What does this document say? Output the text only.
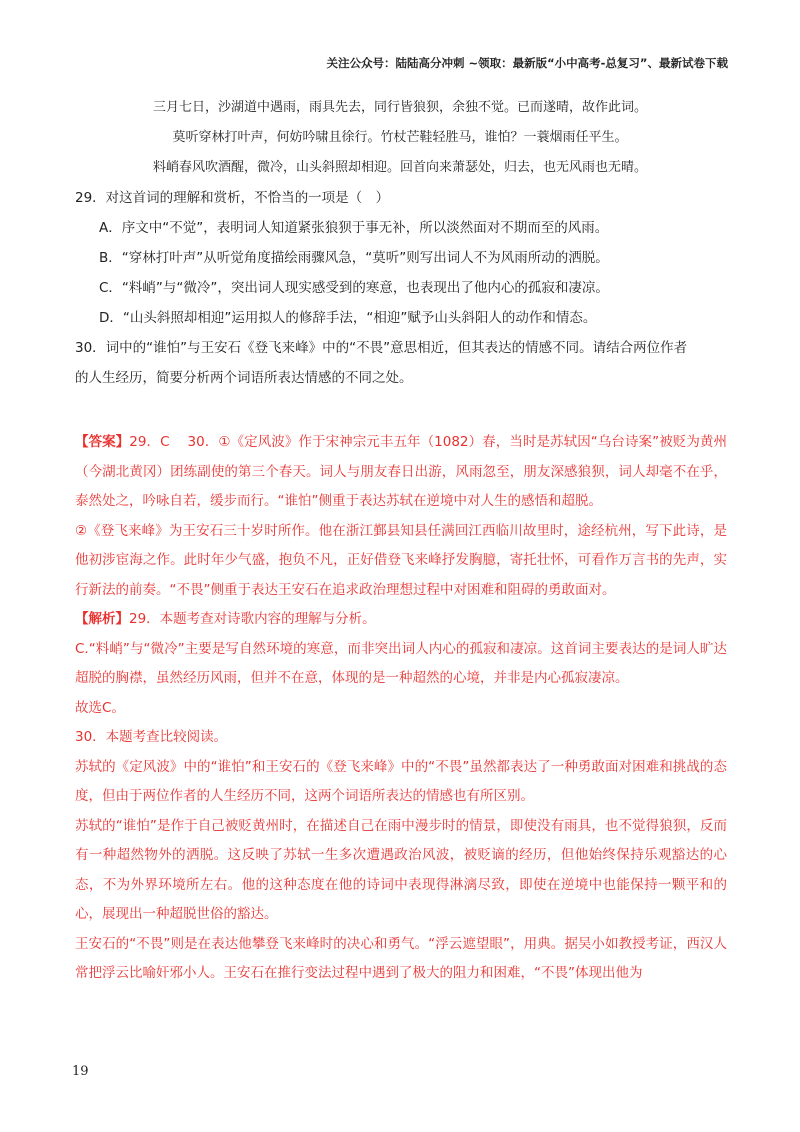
关注公众号：陆陆高分冲刺 ~领取：最新版“小中高考-总复习”、最新试卷下载

三月七日，沙湖道中遇雨，雨具先去，同行皆狼狈，余独不觉。已而遂晴，故作此词。

莫听穿林打叶声，何妨吟啸且徐行。竹杖芒鞋轻胜马，谁怕？一蓑烟雨任平生。

料峭春风吹酒醒，微冷，山头斜照却相迎。回首向来萧瑟处，归去，也无风雨也无晴。

29．对这首词的理解和赏析，• • • 不恰当的一项是（　）

A．序文中“不觉”，表明词人知道紧张狼狈于事无补，所以淡然面对不期而至的风雨。

B．“穿林打叶声”从听觉角度描绘雨骤风急，“莫听”则写出词人不为风雨所动的洒脱。

C．“料峭”与“微冷”，突出词人现实感受到的寒意，也表现出了他内心的孤寂和凄凉。

D．“山头斜照却相迎”运用拟人的修辞手法，“相迎”赋予山头斜阳人的动作和情态。

30．词中的“谁怕”与王安石《登飞来峰》中的“不畏”意思相近，但其表达的情感不同。请结合两位作者

的人生经历，简要分析两个词语所表达情感的不同之处。

【答案】29．C　 30．①《定风波》作于宋神宗元丰五年（1082）春，当时是苏轼因“乌台诗案”被贬为黄州（今湖北黄冈）团练副使的第三个春天。词人与朋友春日出游，风雨忽至，朋友深感狼狈，词人却毫不在乎，泰然处之，吟咏自若，缓步而行。“谁怕”侧重于表达苏轼在逆境中对人生的感悟和超脱。

②《登飞来峰》为王安石三十岁时所作。他在浙江鄞县知县任满回江西临川故里时，途经杭州，写下此诗，是他初涉宦海之作。此时年少气盛，抱负不凡，正好借登飞来峰抒发胸臆，寄托壮怀，可看作万言书的先声，实行新法的前奏。“不畏”侧重于表达王安石在追求政治理想过程中对困难和阻碍的勇敢面对。

【解析】29．本题考查对诗歌内容的理解与分析。

C.“料峭”与“微冷”主要是写自然环境的寒意，而非突出词人内心的孤寂和凄凉。这首词主要表达的是词人旷达超脱的胸襟，虽然经历风雨，但并不在意，体现的是一种超然的心境，并非是内心孤寂凄凉。

故选C。

30．本题考查比较阅读。

苏轼的《定风波》中的“谁怕”和王安石的《登飞来峰》中的“不畏”虽然都表达了一种勇敢面对困难和挑战的态度，但由于两位作者的人生经历不同，这两个词语所表达的情感也有所区别。

苏轼的“谁怕”是作于自己被贬黄州时，在描述自己在雨中漫步时的情景，即使没有雨具，也不觉得狼狈，反而有一种超然物外的洒脱。这反映了苏轼一生多次遭遇政治风波，被贬谪的经历，但他始终保持乐观豁达的心态，不为外界环境所左右。他的这种态度在他的诗词中表现得淋漓尽致，即使在逆境中也能保持一颗平和的心，展现出一种超脱世俗的豁达。

王安石的“不畏”则是在表达他攀登飞来峰时的决心和勇气。“浮云遮望眼”，用典。据吴小如教授考证，西汉人常把浮云比喻奸邪小人。王安石在推行变法过程中遇到了极大的阻力和困难，“不畏”体现出他为

19
